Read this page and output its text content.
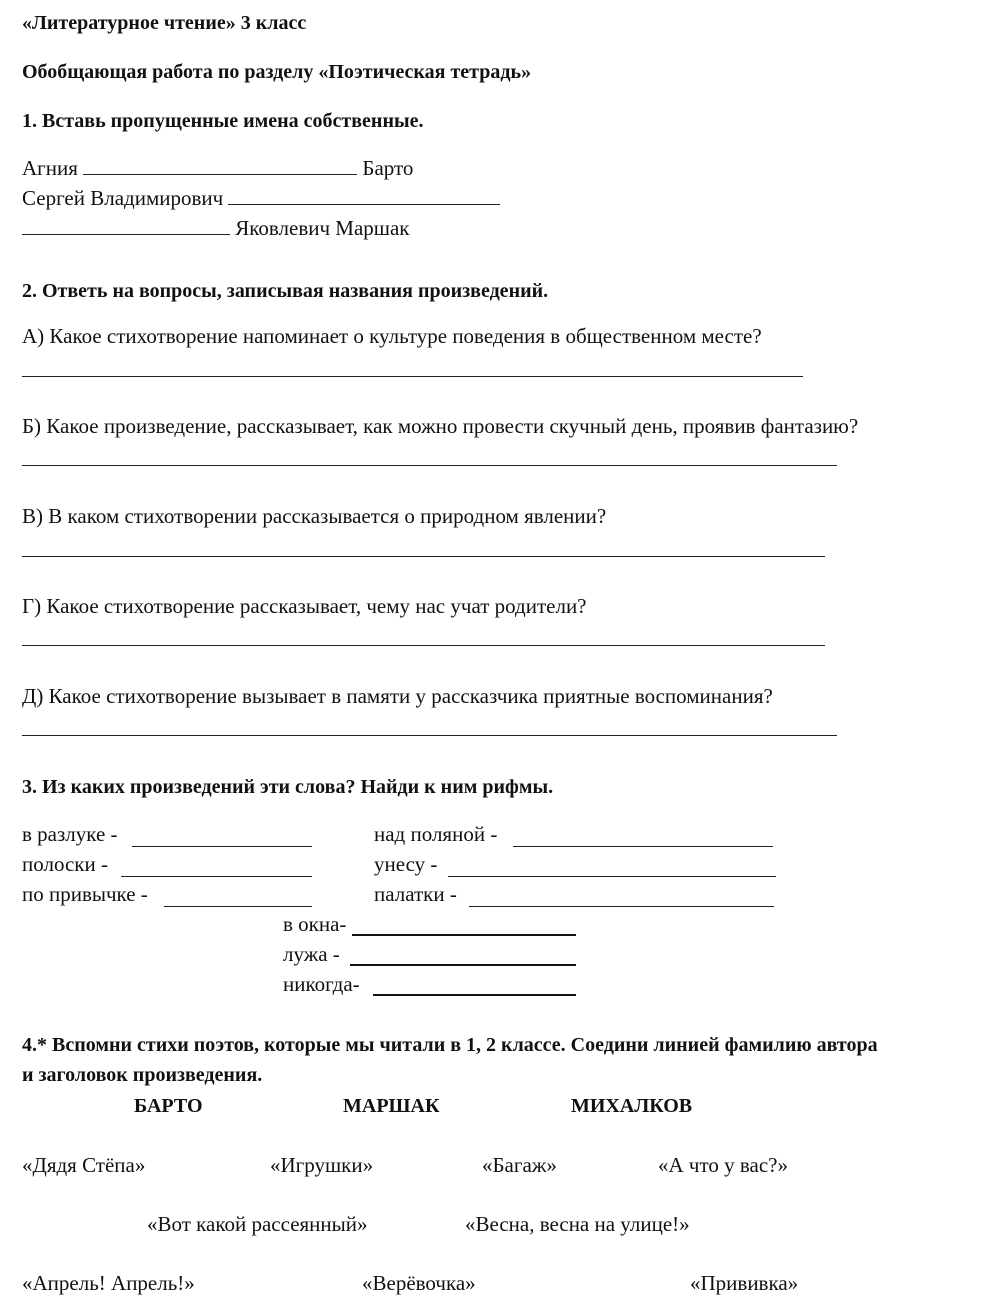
«Литературное чтение» 3 класс
Обобщающая работа по разделу «Поэтическая тетрадь»
1. Вставь пропущенные имена собственные.
Агния	Барто
Сергей Владимирович
Яковлевич Маршак
2. Ответь на вопросы, записывая названия произведений.
А) Какое стихотворение напоминает о культуре поведения в общественном месте?
Б) Какое произведение, рассказывает, как можно провести скучный день, проявив фантазию?
В) В каком стихотворении рассказывается о природном явлении?
Г) Какое стихотворение рассказывает, чему нас учат родители?
Д) Какое стихотворение вызывает в памяти у рассказчика приятные воспоминания?
3. Из каких произведений эти слова? Найди к ним рифмы.
в разлуке -
полоски -
по привычке -
над поляной -
унесу -
палатки -
в окна-
лужа -
никогда-
4.* Вспомни стихи поэтов, которые мы читали в 1, 2 классе. Соедини линией фамилию автора
и заголовок произведения.
БАРТО	МАРШАК	МИХАЛКОВ
«Дядя Стёпа»	«Игрушки»	«Багаж»	«А что у вас?»
«Вот какой рассеянный»	«Весна, весна на улице!»
«Апрель! Апрель!»	«Верёвочка»	«Прививка»
